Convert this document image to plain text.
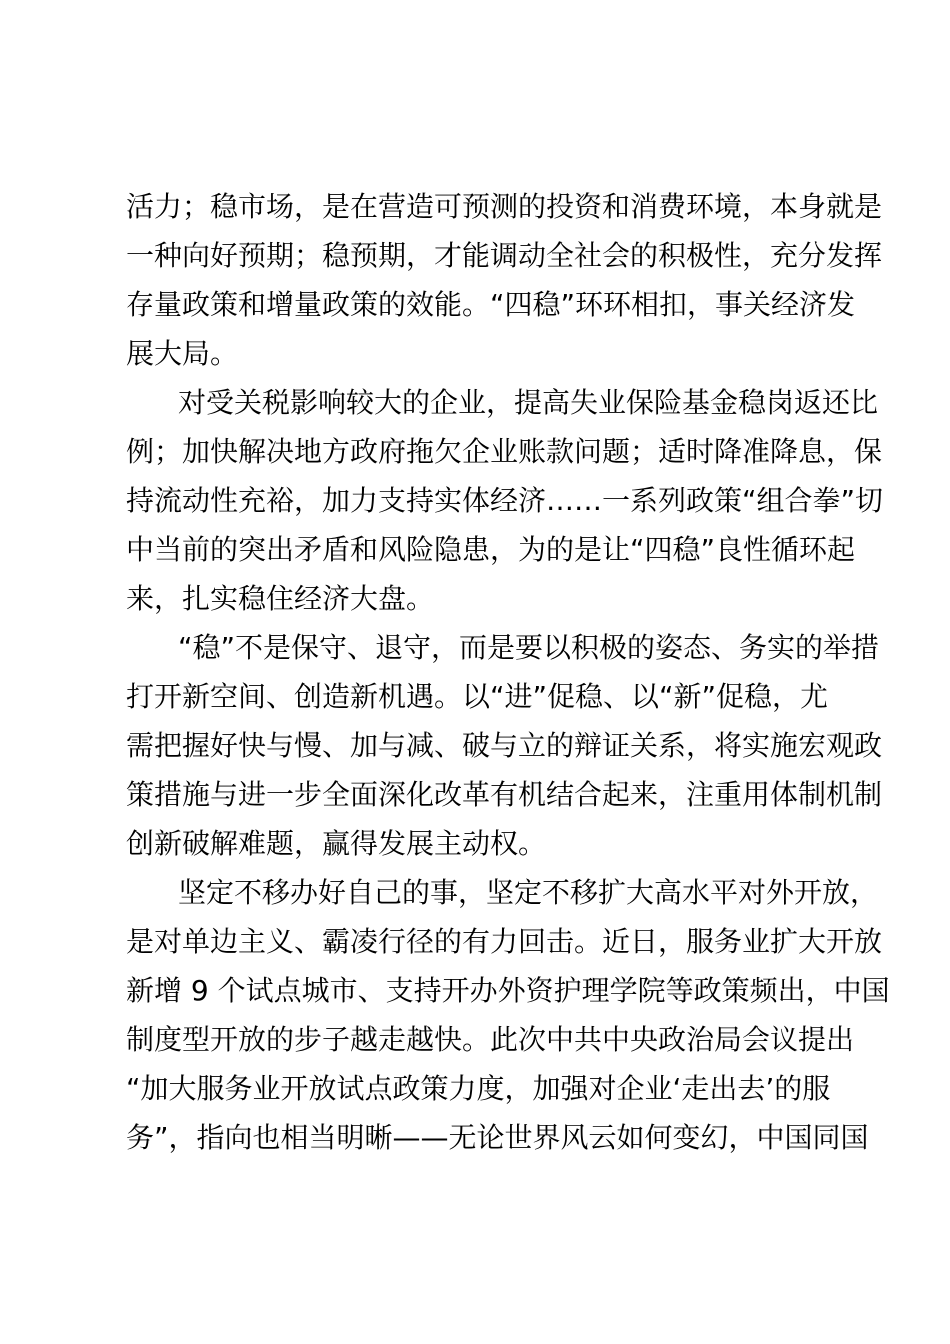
活力；稳市场，是在营造可预测的投资和消费环境，本身就是
一种向好预期；稳预期，才能调动全社会的积极性，充分发挥
存量政策和增量政策的效能。“四稳”环环相扣，事关经济发
展大局。
对受关税影响较大的企业，提高失业保险基金稳岗返还比
例；加快解决地方政府拖欠企业账款问题；适时降准降息，保
持流动性充裕，加力支持实体经济……一系列政策“组合拳”切
中当前的突出矛盾和风险隐患，为的是让“四稳”良性循环起
来，扎实稳住经济大盘。
“稳”不是保守、退守，而是要以积极的姿态、务实的举措
打开新空间、创造新机遇。以“进”促稳、以“新”促稳，尤
需把握好快与慢、加与减、破与立的辩证关系，将实施宏观政
策措施与进一步全面深化改革有机结合起来，注重用体制机制
创新破解难题，赢得发展主动权。
坚定不移办好自己的事，坚定不移扩大高水平对外开放，
是对单边主义、霸凌行径的有力回击。近日，服务业扩大开放
新增 9 个试点城市、支持开办外资护理学院等政策频出，中国
制度型开放的步子越走越快。此次中共中央政治局会议提出
“加大服务业开放试点政策力度，加强对企业‘走出去’的服
务”，指向也相当明晰——无论世界风云如何变幻，中国同国
